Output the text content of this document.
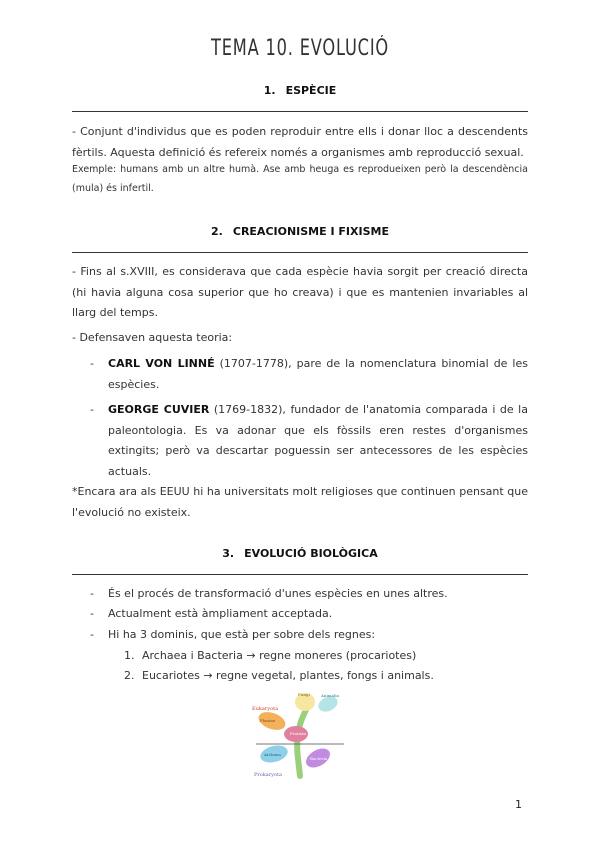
TEMA 10. EVOLUCIÓ
1. ESPÈCIE
- Conjunt d'individus que es poden reproduir entre ells i donar lloc a descendents fèrtils. Aquesta definició és refereix només a organismes amb reproducció sexual.
Exemple: humans amb un altre humà. Ase amb heuga es reprodueixen però la descendència (mula) és infertil.
2. CREACIONISME I FIXISME
- Fins al s.XVIII, es considerava que cada espècie havia sorgit per creació directa (hi havia alguna cosa superior que ho creava) i que es mantenien invariables al llarg del temps.
- Defensaven aquesta teoria:
- CARL VON LINNÉ (1707-1778), pare de la nomenclatura binomial de les espècies.
- GEORGE CUVIER (1769-1832), fundador de l'anatomia comparada i de la paleontologia. Es va adonar que els fòssils eren restes d'organismes extingits; però va descartar poguessin ser antecessores de les espècies actuals.
*Encara ara als EEUU hi ha universitats molt religioses que continuen pensant que l'evolució no existeix.
3. EVOLUCIÓ BIOLÒGICA
- És el procés de transformació d'unes espècies en unes altres.
- Actualment està àmpliament acceptada.
- Hi ha 3 dominis, que està per sobre dels regnes:
1. Archaea i Bacteria → regne moneres (procariotes)
2. Eucariotes → regne vegetal, plantes, fongs i animals.
Eukaryota
Fungi	Animalia
Plantae
Protista
Archaea
Bacteria
Prokaryota
1
